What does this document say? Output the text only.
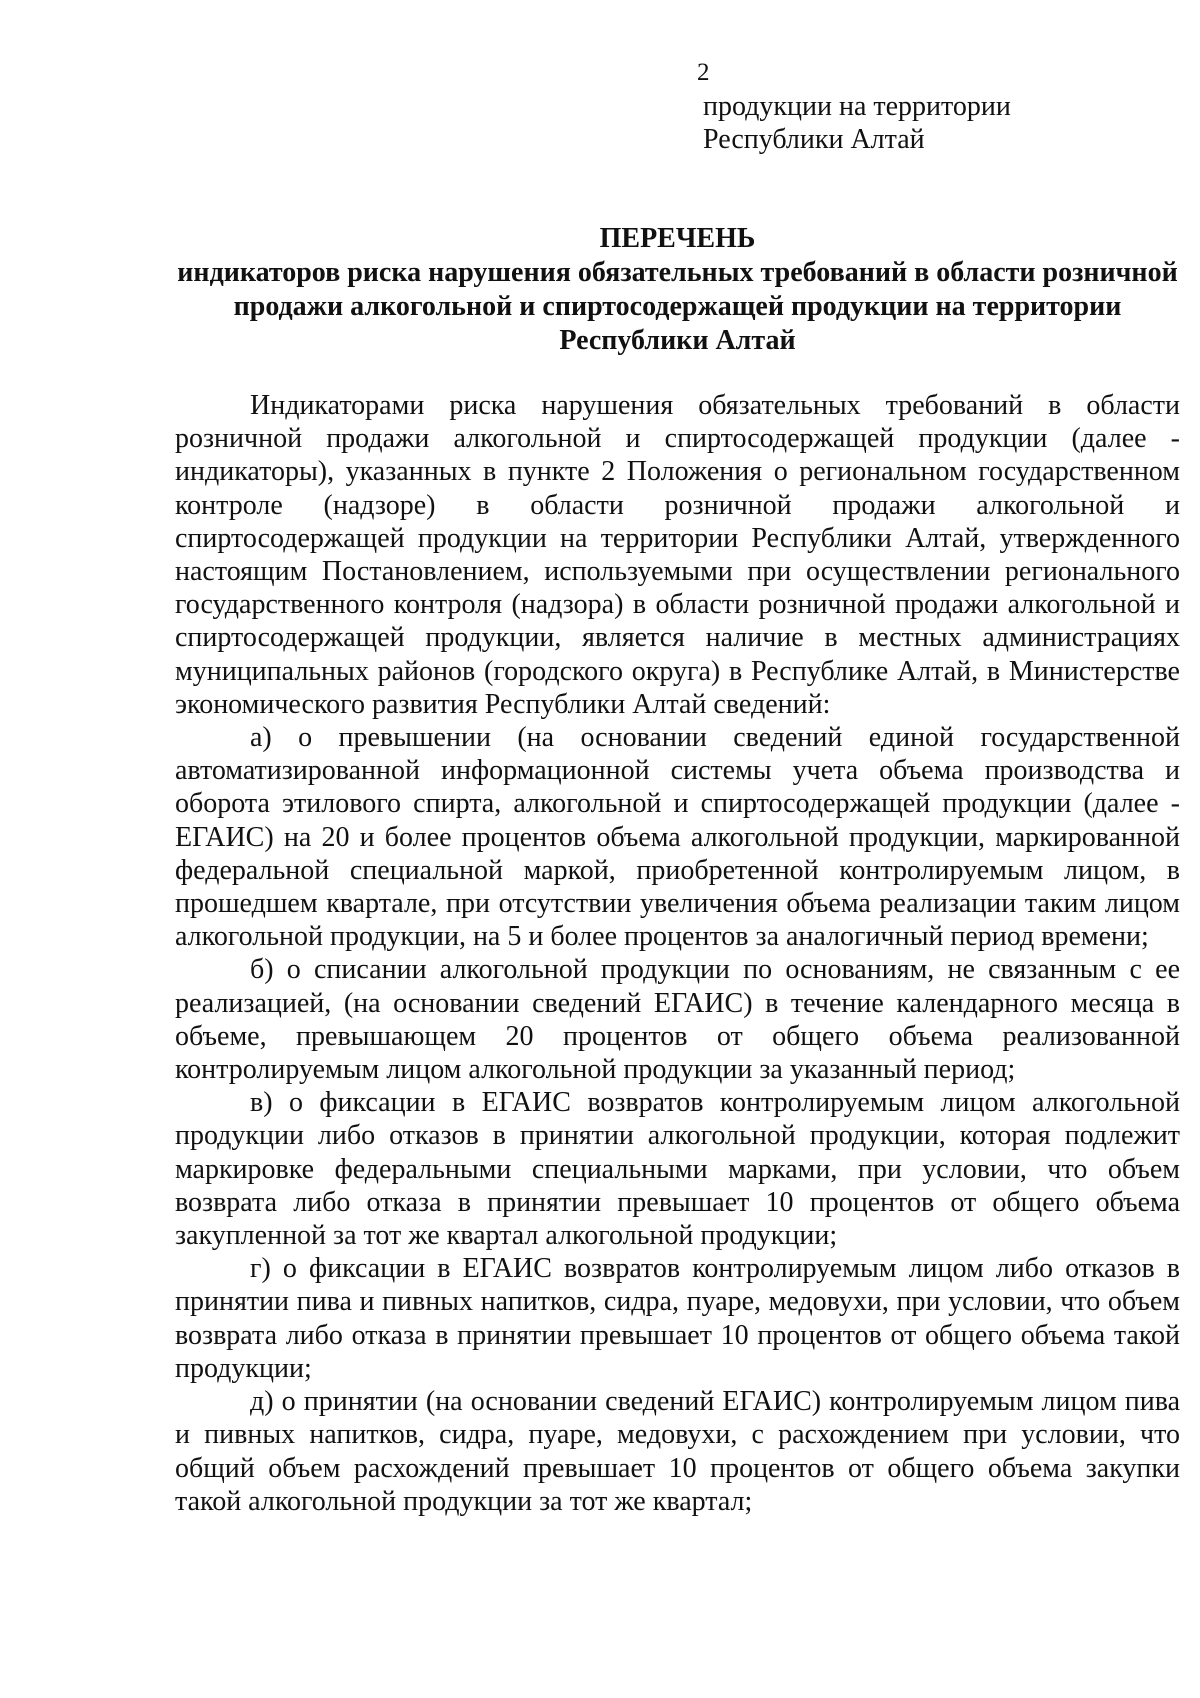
2
продукции на территории
Республики Алтай
ПЕРЕЧЕНЬ
индикаторов риска нарушения обязательных требований в области розничной продажи алкогольной и спиртосодержащей продукции на территории Республики Алтай

Индикаторами риска нарушения обязательных требований в области розничной продажи алкогольной и спиртосодержащей продукции (далее - индикаторы), указанных в пункте 2 Положения о региональном государственном контроле (надзоре) в области розничной продажи алкогольной и спиртосодержащей продукции на территории Республики Алтай, утвержденного настоящим Постановлением, используемыми при осуществлении регионального государственного контроля (надзора) в области розничной продажи алкогольной и спиртосодержащей продукции, является наличие в местных администрациях муниципальных районов (городского округа) в Республике Алтай, в Министерстве экономического развития Республики Алтай сведений:

а) о превышении (на основании сведений единой государственной автоматизированной информационной системы учета объема производства и оборота этилового спирта, алкогольной и спиртосодержащей продукции (далее - ЕГАИС) на 20 и более процентов объема алкогольной продукции, маркированной федеральной специальной маркой, приобретенной контролируемым лицом, в прошедшем квартале, при отсутствии увеличения объема реализации таким лицом алкогольной продукции, на 5 и более процентов за аналогичный период времени;

б) о списании алкогольной продукции по основаниям, не связанным с ее реализацией, (на основании сведений ЕГАИС) в течение календарного месяца в объеме, превышающем 20 процентов от общего объема реализованной контролируемым лицом алкогольной продукции за указанный период;

в) о фиксации в ЕГАИС возвратов контролируемым лицом алкогольной продукции либо отказов в принятии алкогольной продукции, которая подлежит маркировке федеральными специальными марками, при условии, что объем возврата либо отказа в принятии превышает 10 процентов от общего объема закупленной за тот же квартал алкогольной продукции;

г) о фиксации в ЕГАИС возвратов контролируемым лицом либо отказов в принятии пива и пивных напитков, сидра, пуаре, медовухи, при условии, что объем возврата либо отказа в принятии превышает 10 процентов от общего объема такой продукции;

д) о принятии (на основании сведений ЕГАИС) контролируемым лицом пива и пивных напитков, сидра, пуаре, медовухи, с расхождением при условии, что общий объем расхождений превышает 10 процентов от общего объема закупки такой алкогольной продукции за тот же квартал;
